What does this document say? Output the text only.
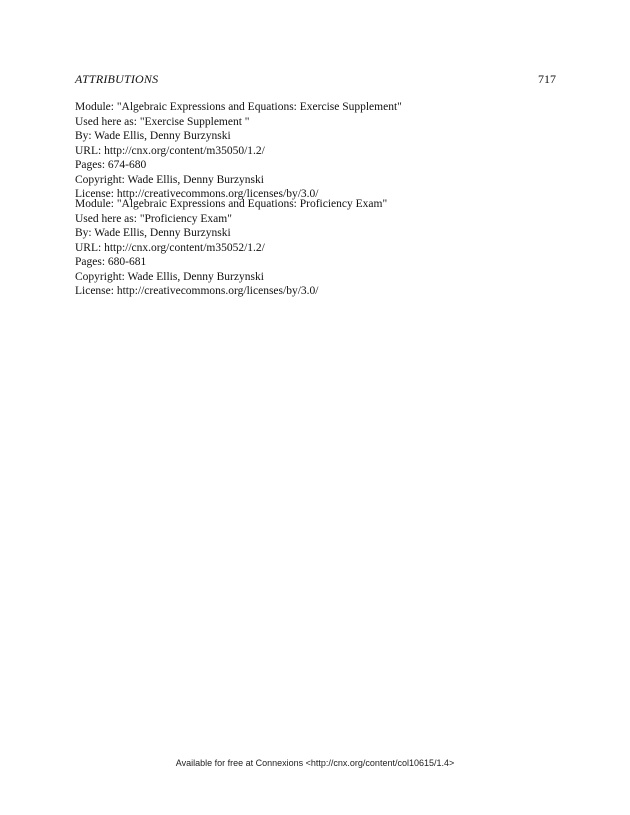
ATTRIBUTIONS	717
Module: "Algebraic Expressions and Equations: Exercise Supplement"
Used here as: "Exercise Supplement "
By: Wade Ellis, Denny Burzynski
URL: http://cnx.org/content/m35050/1.2/
Pages: 674-680
Copyright: Wade Ellis, Denny Burzynski
License: http://creativecommons.org/licenses/by/3.0/
Module: "Algebraic Expressions and Equations: Proficiency Exam"
Used here as: "Proficiency Exam"
By: Wade Ellis, Denny Burzynski
URL: http://cnx.org/content/m35052/1.2/
Pages: 680-681
Copyright: Wade Ellis, Denny Burzynski
License: http://creativecommons.org/licenses/by/3.0/
Available for free at Connexions <http://cnx.org/content/col10615/1.4>
